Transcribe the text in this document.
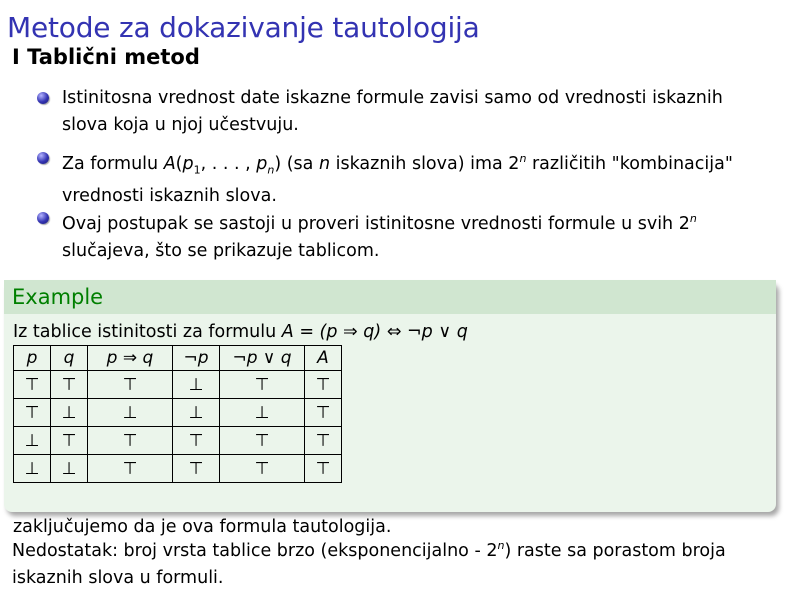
Metode za dokazivanje tautologija
I Tablični metod
Istinitosna vrednost date iskazne formule zavisi samo od vrednosti iskaznih
slova koja u njoj učestvuju.
Za formulu $A(p_1$, . . . , $p_n$) (sa n iskaznih slova) ima 2$^n$ različitih "kombinacija"
vrednosti iskaznih slova.
Ovaj postupak se sastoji u proveri istinitosne vrednosti formule u svih 2$^n$
slučajeva, što se prikazuje tablicom.
Example
Iz tablice istinitosti za formulu A = (p ⇒ q) ⇔ ¬p ∨ q
p	q	p ⇒ q	¬p	¬p ∨ q	A
⊤	⊤	⊤	⊥	⊤	⊤
⊤	⊥	⊥	⊥	⊥	⊤
⊥	⊤	⊤	⊤	⊤	⊤
⊥	⊥	⊤	⊤	⊤	⊤
zaključujemo da je ova formula tautologija.
Nedostatak: broj vrsta tablice brzo (eksponencijalno - 2$^n$) raste sa porastom broja
iskaznih slova u formuli.
